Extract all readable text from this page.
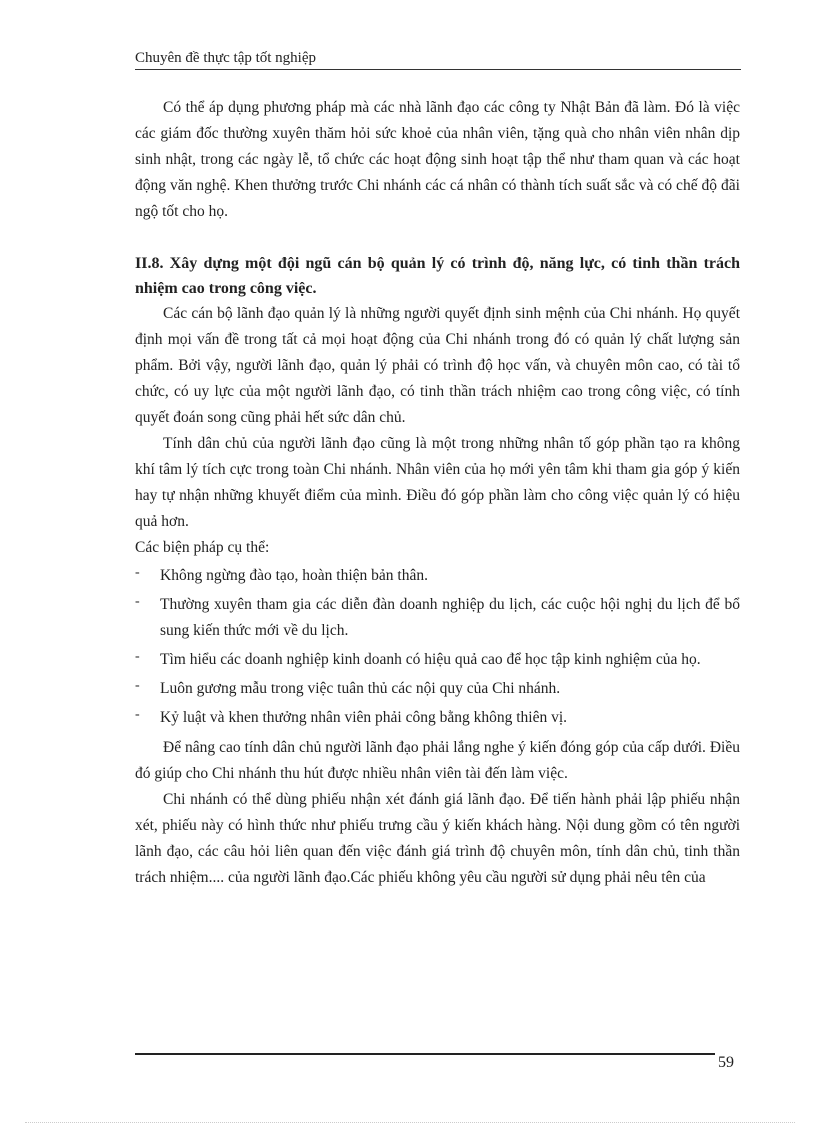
Chuyên đề thực tập tốt nghiệp

Có thể áp dụng phương pháp mà các nhà lãnh đạo các công ty Nhật Bản đã làm. Đó là việc các giám đốc thường xuyên thăm hỏi sức khoẻ của nhân viên, tặng quà cho nhân viên nhân dịp sinh nhật, trong các ngày lễ, tổ chức các hoạt động sinh hoạt tập thể như tham quan và các hoạt động văn nghệ. Khen thưởng trước Chi nhánh các cá nhân có thành tích suất sắc và có chế độ đãi ngộ tốt cho họ.

II.8. Xây dựng một đội ngũ cán bộ quản lý có trình độ, năng lực, có tinh thần trách nhiệm cao trong công việc.

Các cán bộ lãnh đạo quản lý là những người quyết định sinh mệnh của Chi nhánh. Họ quyết định mọi vấn đề trong tất cả mọi hoạt động của Chi nhánh trong đó có quản lý chất lượng sản phẩm. Bởi vậy, người lãnh đạo, quản lý phải có trình độ học vấn, và chuyên môn cao, có tài tổ chức, có uy lực của một người lãnh đạo, có tinh thần trách nhiệm cao trong công việc, có tính quyết đoán song cũng phải hết sức dân chủ.

Tính dân chủ của người lãnh đạo cũng là một trong những nhân tố góp phần tạo ra không khí tâm lý tích cực trong toàn Chi nhánh. Nhân viên của họ mới yên tâm khi tham gia góp ý kiến hay tự nhận những khuyết điểm của mình. Điều đó góp phần làm cho công việc quản lý có hiệu quả hơn.

Các biện pháp cụ thể:

- Không ngừng đào tạo, hoàn thiện bản thân.
- Thường xuyên tham gia các diễn đàn doanh nghiệp du lịch, các cuộc hội nghị du lịch để bổ sung kiến thức mới về du lịch.
- Tìm hiểu các doanh nghiệp kinh doanh có hiệu quả cao để học tập kinh nghiệm của họ.
- Luôn gương mẫu trong việc tuân thủ các nội quy của Chi nhánh.
- Kỷ luật và khen thưởng nhân viên phải công bằng không thiên vị.

Để nâng cao tính dân chủ người lãnh đạo phải lắng nghe ý kiến đóng góp của cấp dưới. Điều đó giúp cho Chi nhánh thu hút được nhiều nhân viên tài đến làm việc.

Chi nhánh có thể dùng phiếu nhận xét đánh giá lãnh đạo. Để tiến hành phải lập phiếu nhận xét, phiếu này có hình thức như phiếu trưng cầu ý kiến khách hàng. Nội dung gồm có tên người lãnh đạo, các câu hỏi liên quan đến việc đánh giá trình độ chuyên môn, tính dân chủ, tinh thần trách nhiệm.... của người lãnh đạo.Các phiếu không yêu cầu người sử dụng phải nêu tên của

59
